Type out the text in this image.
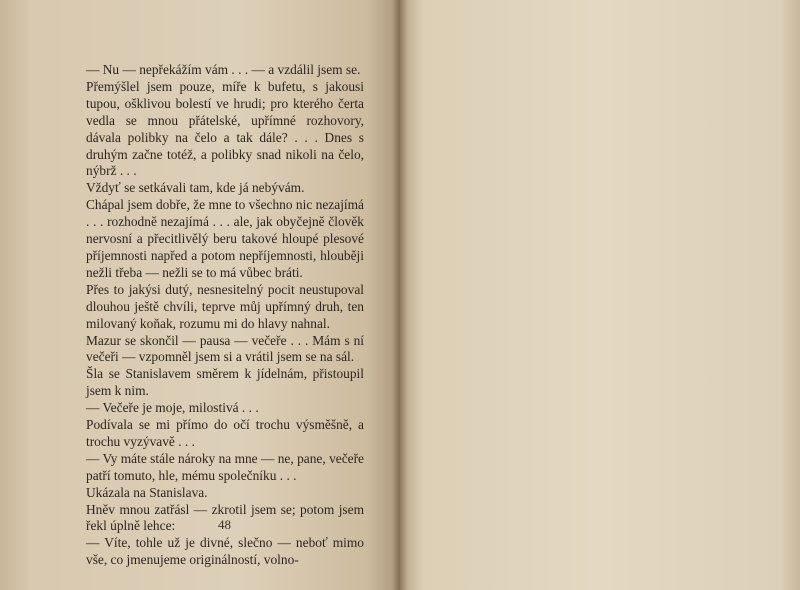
— Nu — nepřekážím vám . . . — a vzdálil jsem se.

Přemýšlel jsem pouze, míře k bufetu, s jakousi tupou, ošklivou bolestí ve hrudi; pro kterého čerta vedla se mnou přátelské, upřímné rozhovory, dávala polibky na čelo a tak dále? . . . Dnes s druhým začne totéž, a polibky snad nikoli na čelo, nýbrž . . .

Vždyť se setkávali tam, kde já nebývám.

Chápal jsem dobře, že mne to všechno nic nezajímá . . . rozhodně nezajímá . . . ale, jak obyčejně člověk nervosní a přecitlivělý beru takové hloupé plesové příjemnosti napřed a potom nepříjemnosti, hlouběji nežli třeba — nežli se to má vůbec bráti.

Přes to jakýsi dutý, nesnesitelný pocit neustupoval dlouhou ještě chvíli, teprve můj upřímný druh, ten milovaný koňak, rozumu mi do hlavy nahnal.

Mazur se skončil — pausa — večeře . . . Mám s ní večeři — vzpomněl jsem si a vrátil jsem se na sál.

Šla se Stanislavem směrem k jídelnám, přistoupil jsem k nim.

— Večeře je moje, milostivá . . .

Podívala se mi přímo do očí trochu výsměšně, a trochu vyzývavě . . .

— Vy máte stále nároky na mne — ne, pane, večeře patří tomuto, hle, mému společníku . . .

Ukázala na Stanislava.

Hněv mnou zatřásl — zkrotil jsem se; potom jsem řekl úplně lehce:

— Víte, tohle už je divné, slečno — neboť mimo vše, co jmenujeme originálností, volno-

48
